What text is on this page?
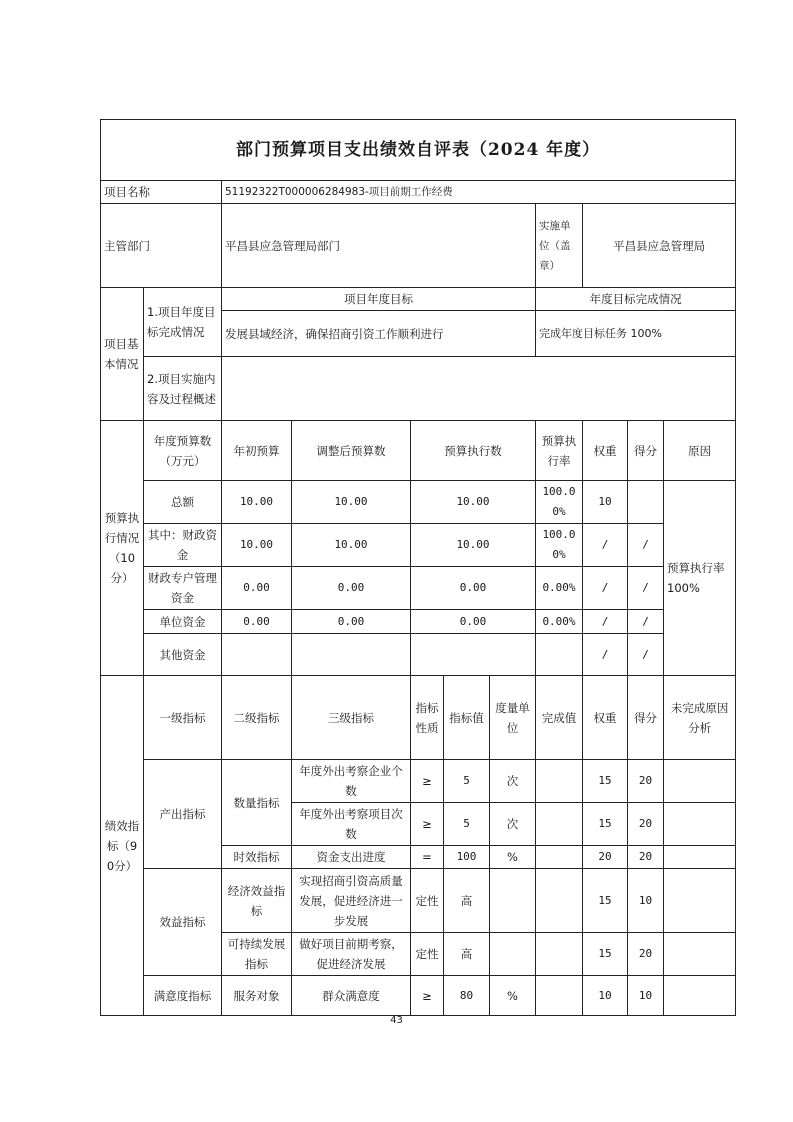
部门预算项目支出绩效自评表（2024 年度）										
项目名称		51192322T000006284983-项目前期工作经费								
主管部门		平昌县应急管理局部门					实施单位（盖章）	平昌县应急管理局		
项目基本情况	1.项目年度目标完成情况	项目年度目标					年度目标完成情况			
		发展县域经济，确保招商引资工作顺利进行					完成年度目标任务 100%			
	2.项目实施内容及过程概述									
预算执行情况（10分）	年度预算数（万元）	年初预算	调整后预算数	预算执行数			预算执行率	权重	得分	原因
	总额	10.00	10.00	10.00			100.00%	10		预算执行率 100%
	其中：财政资金	10.00	10.00	10.00			100.00%	/	/	
	财政专户管理资金	0.00	0.00	0.00			0.00%	/	/	
	单位资金	0.00	0.00	0.00			0.00%	/	/	
	其他资金							/	/	
绩效指标（90分）	一级指标	二级指标	三级指标	指标性质	指标值	度量单位	完成值	权重	得分	未完成原因分析
	产出指标	数量指标	年度外出考察企业个数	≥	5	次		15	20	
			年度外出考察项目次数	≥	5	次		15	20	
		时效指标	资金支出进度	=	100	%		20	20	
	效益指标	经济效益指标	实现招商引资高质量发展，促进经济进一步发展	定性	高			15	10	
		可持续发展指标	做好项目前期考察，促进经济发展	定性	高			15	20	
	满意度指标	服务对象	群众满意度	≥	80	%		10	10	
43
